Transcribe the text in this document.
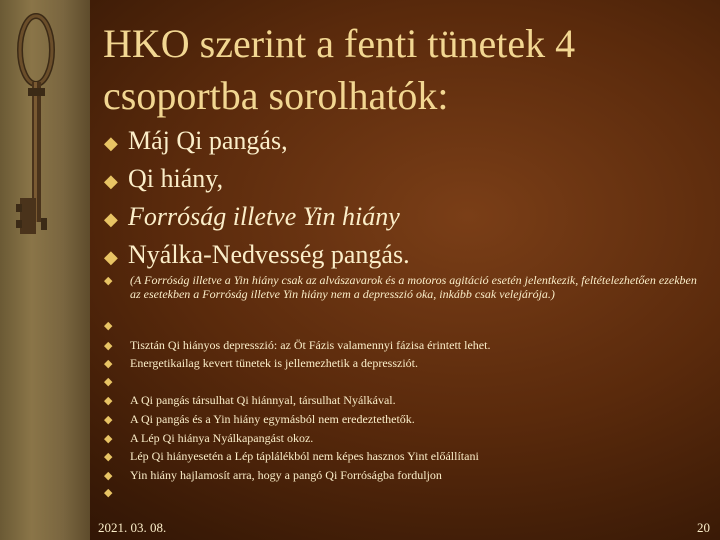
HKO szerint a fenti tünetek 4
csoportba sorolhatók:
◆ Máj Qi pangás,
◆ Qi hiány,
◆ Forróság illetve Yin hiány
◆ Nyálka-Nedvesség pangás.
◆	(A Forróság illetve a Yin hiány csak az alvászavarok és a motoros agitáció esetén jelentkezik, feltételezhetően ezekben az esetekben a Forróság illetve Yin hiány nem a depresszió oka, inkább csak velejárója.)
◆
◆	Tisztán Qi hiányos depresszió: az Öt Fázis valamennyi fázisa érintett lehet.
◆	Energetikailag kevert tünetek is jellemezhetik a depressziót.
◆
◆	A Qi pangás társulhat Qi hiánnyal, társulhat Nyálkával.
◆	A Qi pangás és a Yin hiány egymásból nem eredeztethetők.
◆	A Lép Qi hiánya Nyálkapangást okoz.
◆	Lép Qi hiányesetén a Lép táplálékból nem képes hasznos Yint előállítani
◆	Yin hiány hajlamosít arra, hogy a pangó Qi Forróságba forduljon
◆
2021. 03. 08.	20
